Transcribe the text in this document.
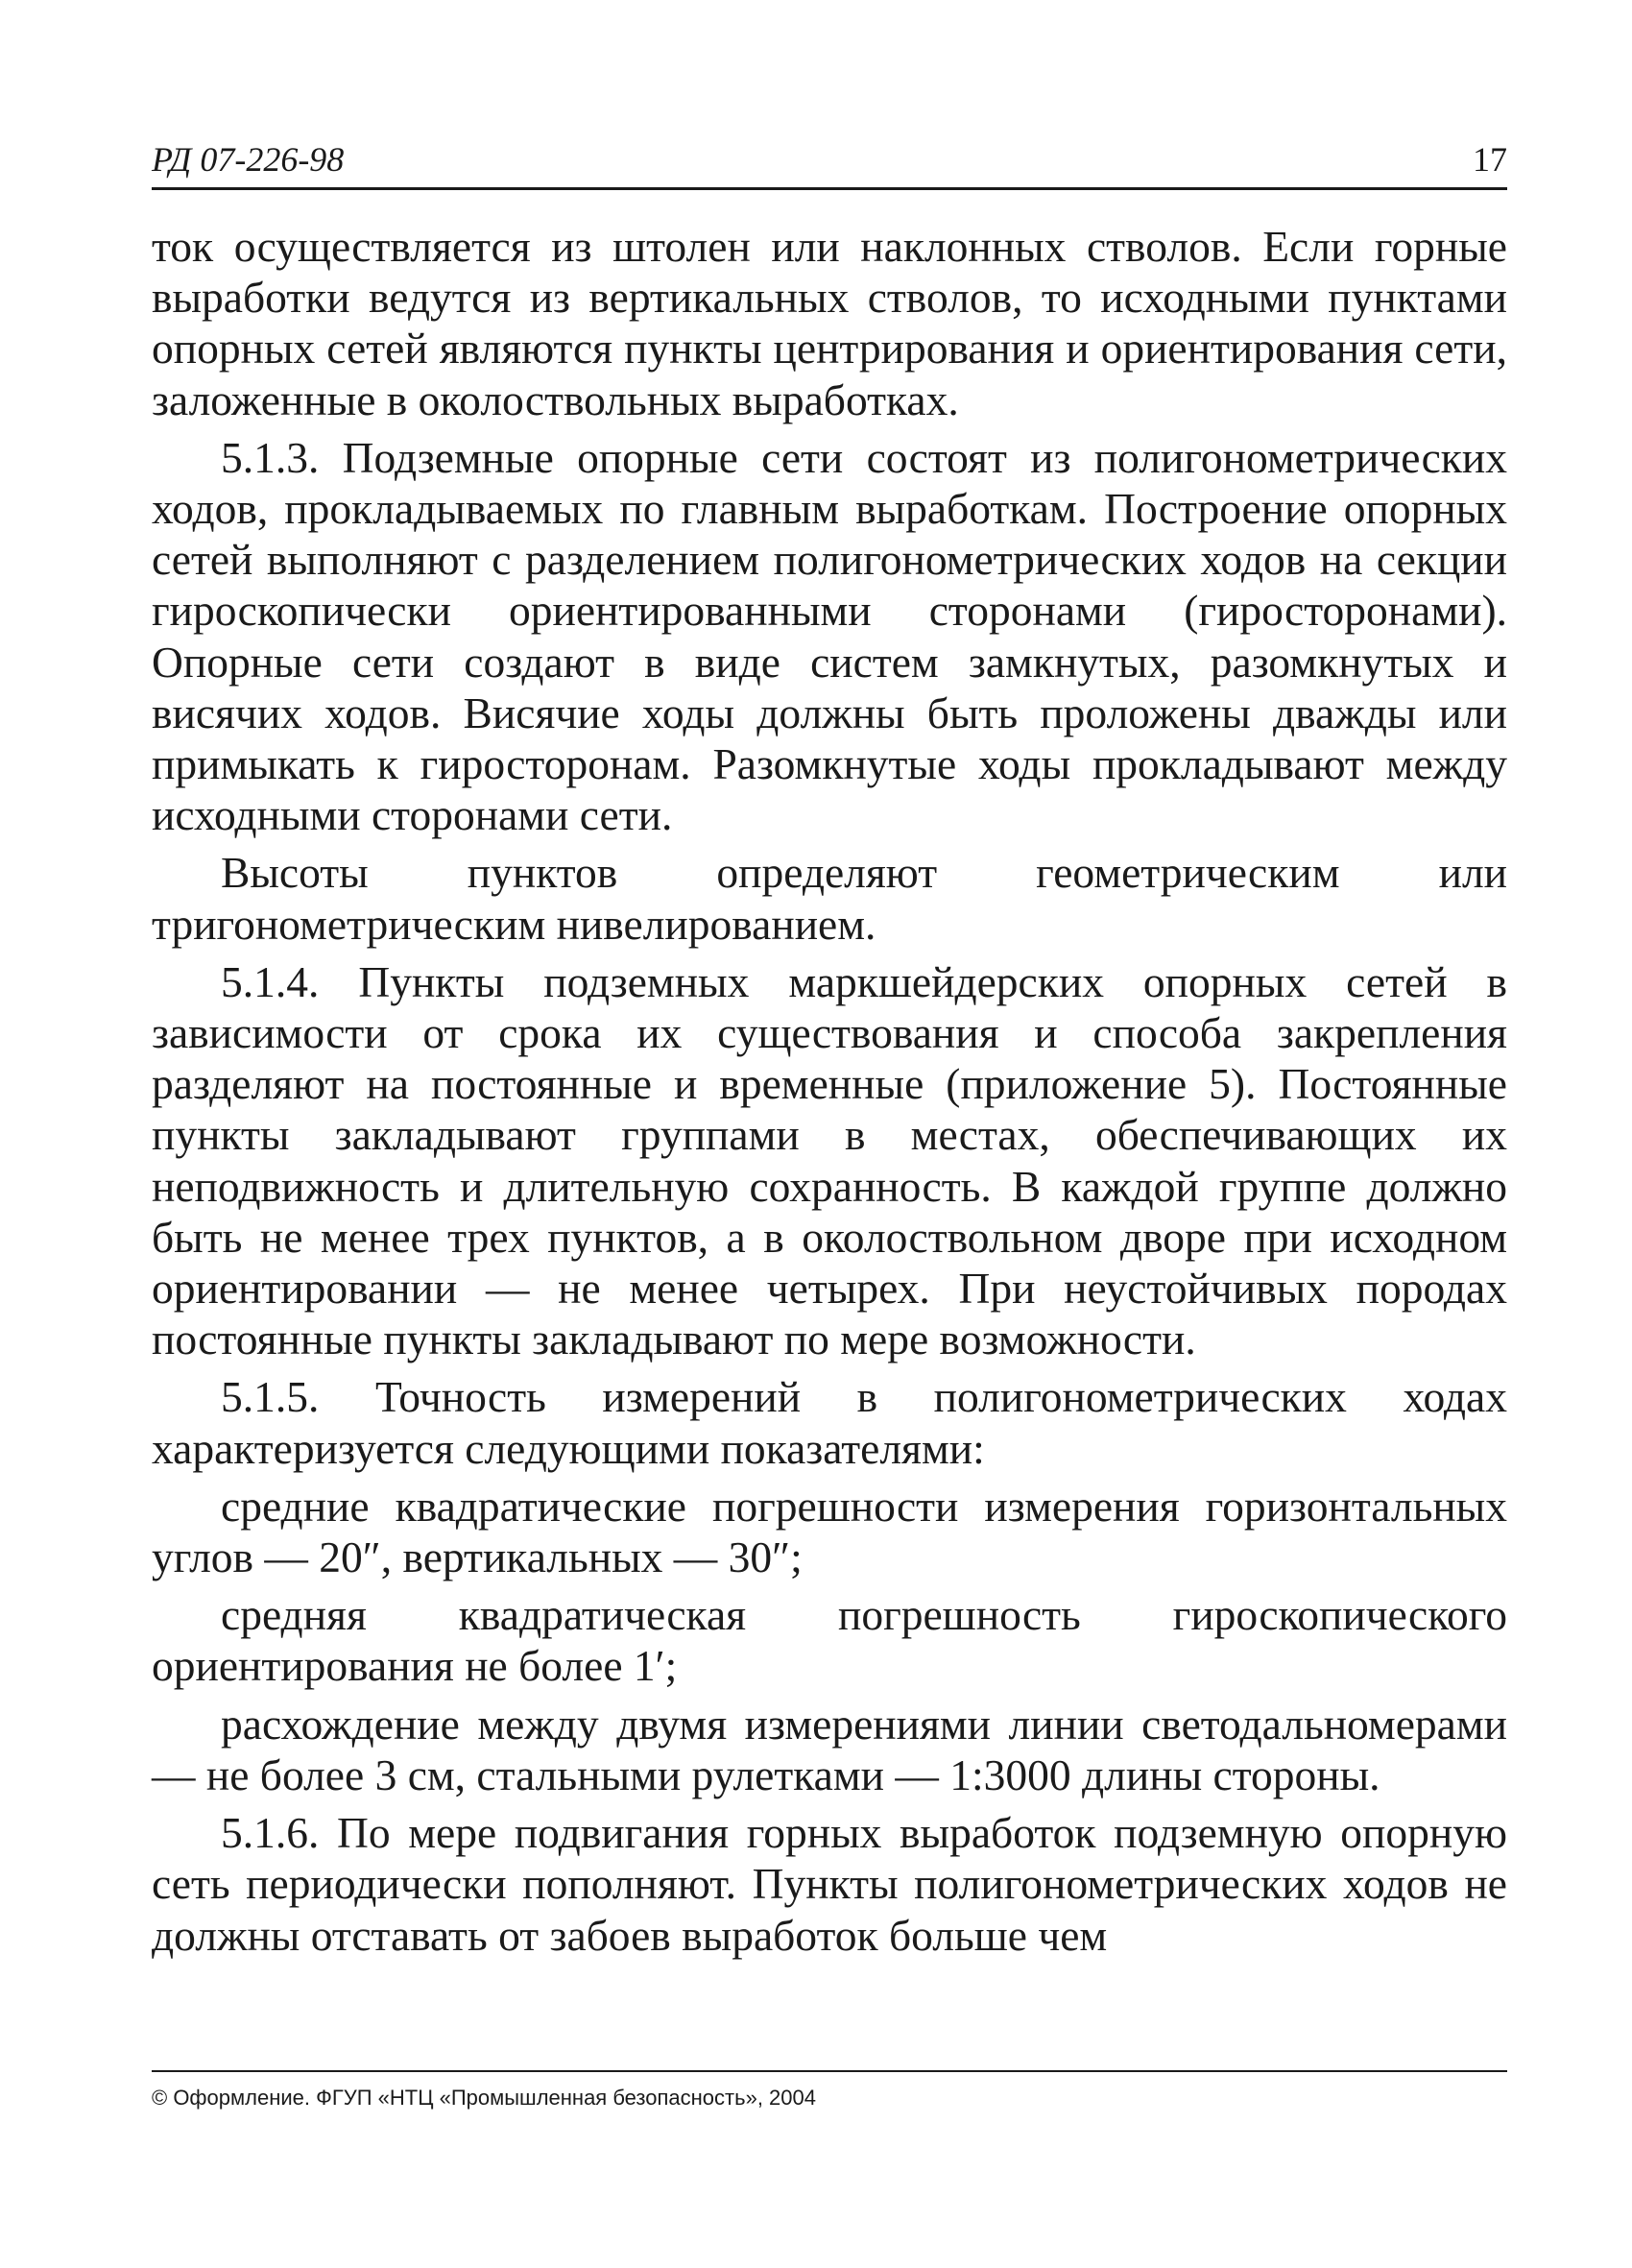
РД 07-226-98	17

ток осуществляется из штолен или наклонных стволов. Если горные выработки ведутся из вертикальных стволов, то исходными пунктами опорных сетей являются пункты центрирования и ориентирования сети, заложенные в околоствольных выработках.

5.1.3. Подземные опорные сети состоят из полигонометрических ходов, прокладываемых по главным выработкам. Построение опорных сетей выполняют с разделением полигонометрических ходов на секции гироскопически ориентированными сторонами (гиросторонами). Опорные сети создают в виде систем замкнутых, разомкнутых и висячих ходов. Висячие ходы должны быть проложены дважды или примыкать к гиросторонам. Разомкнутые ходы прокладывают между исходными сторонами сети.

Высоты пунктов определяют геометрическим или тригонометрическим нивелированием.

5.1.4. Пункты подземных маркшейдерских опорных сетей в зависимости от срока их существования и способа закрепления разделяют на постоянные и временные (приложение 5). Постоянные пункты закладывают группами в местах, обеспечивающих их неподвижность и длительную сохранность. В каждой группе должно быть не менее трех пунктов, а в околоствольном дворе при исходном ориентировании — не менее четырех. При неустойчивых породах постоянные пункты закладывают по мере возможности.

5.1.5. Точность измерений в полигонометрических ходах характеризуется следующими показателями:

средние квадратические погрешности измерения горизонтальных углов — 20″, вертикальных — 30″;

средняя квадратическая погрешность гироскопического ориентирования не более 1′;

расхождение между двумя измерениями линии светодальномерами — не более 3 см, стальными рулетками — 1:3000 длины стороны.

5.1.6. По мере подвигания горных выработок подземную опорную сеть периодически пополняют. Пункты полигонометрических ходов не должны отставать от забоев выработок больше чем

© Оформление. ФГУП «НТЦ «Промышленная безопасность», 2004
